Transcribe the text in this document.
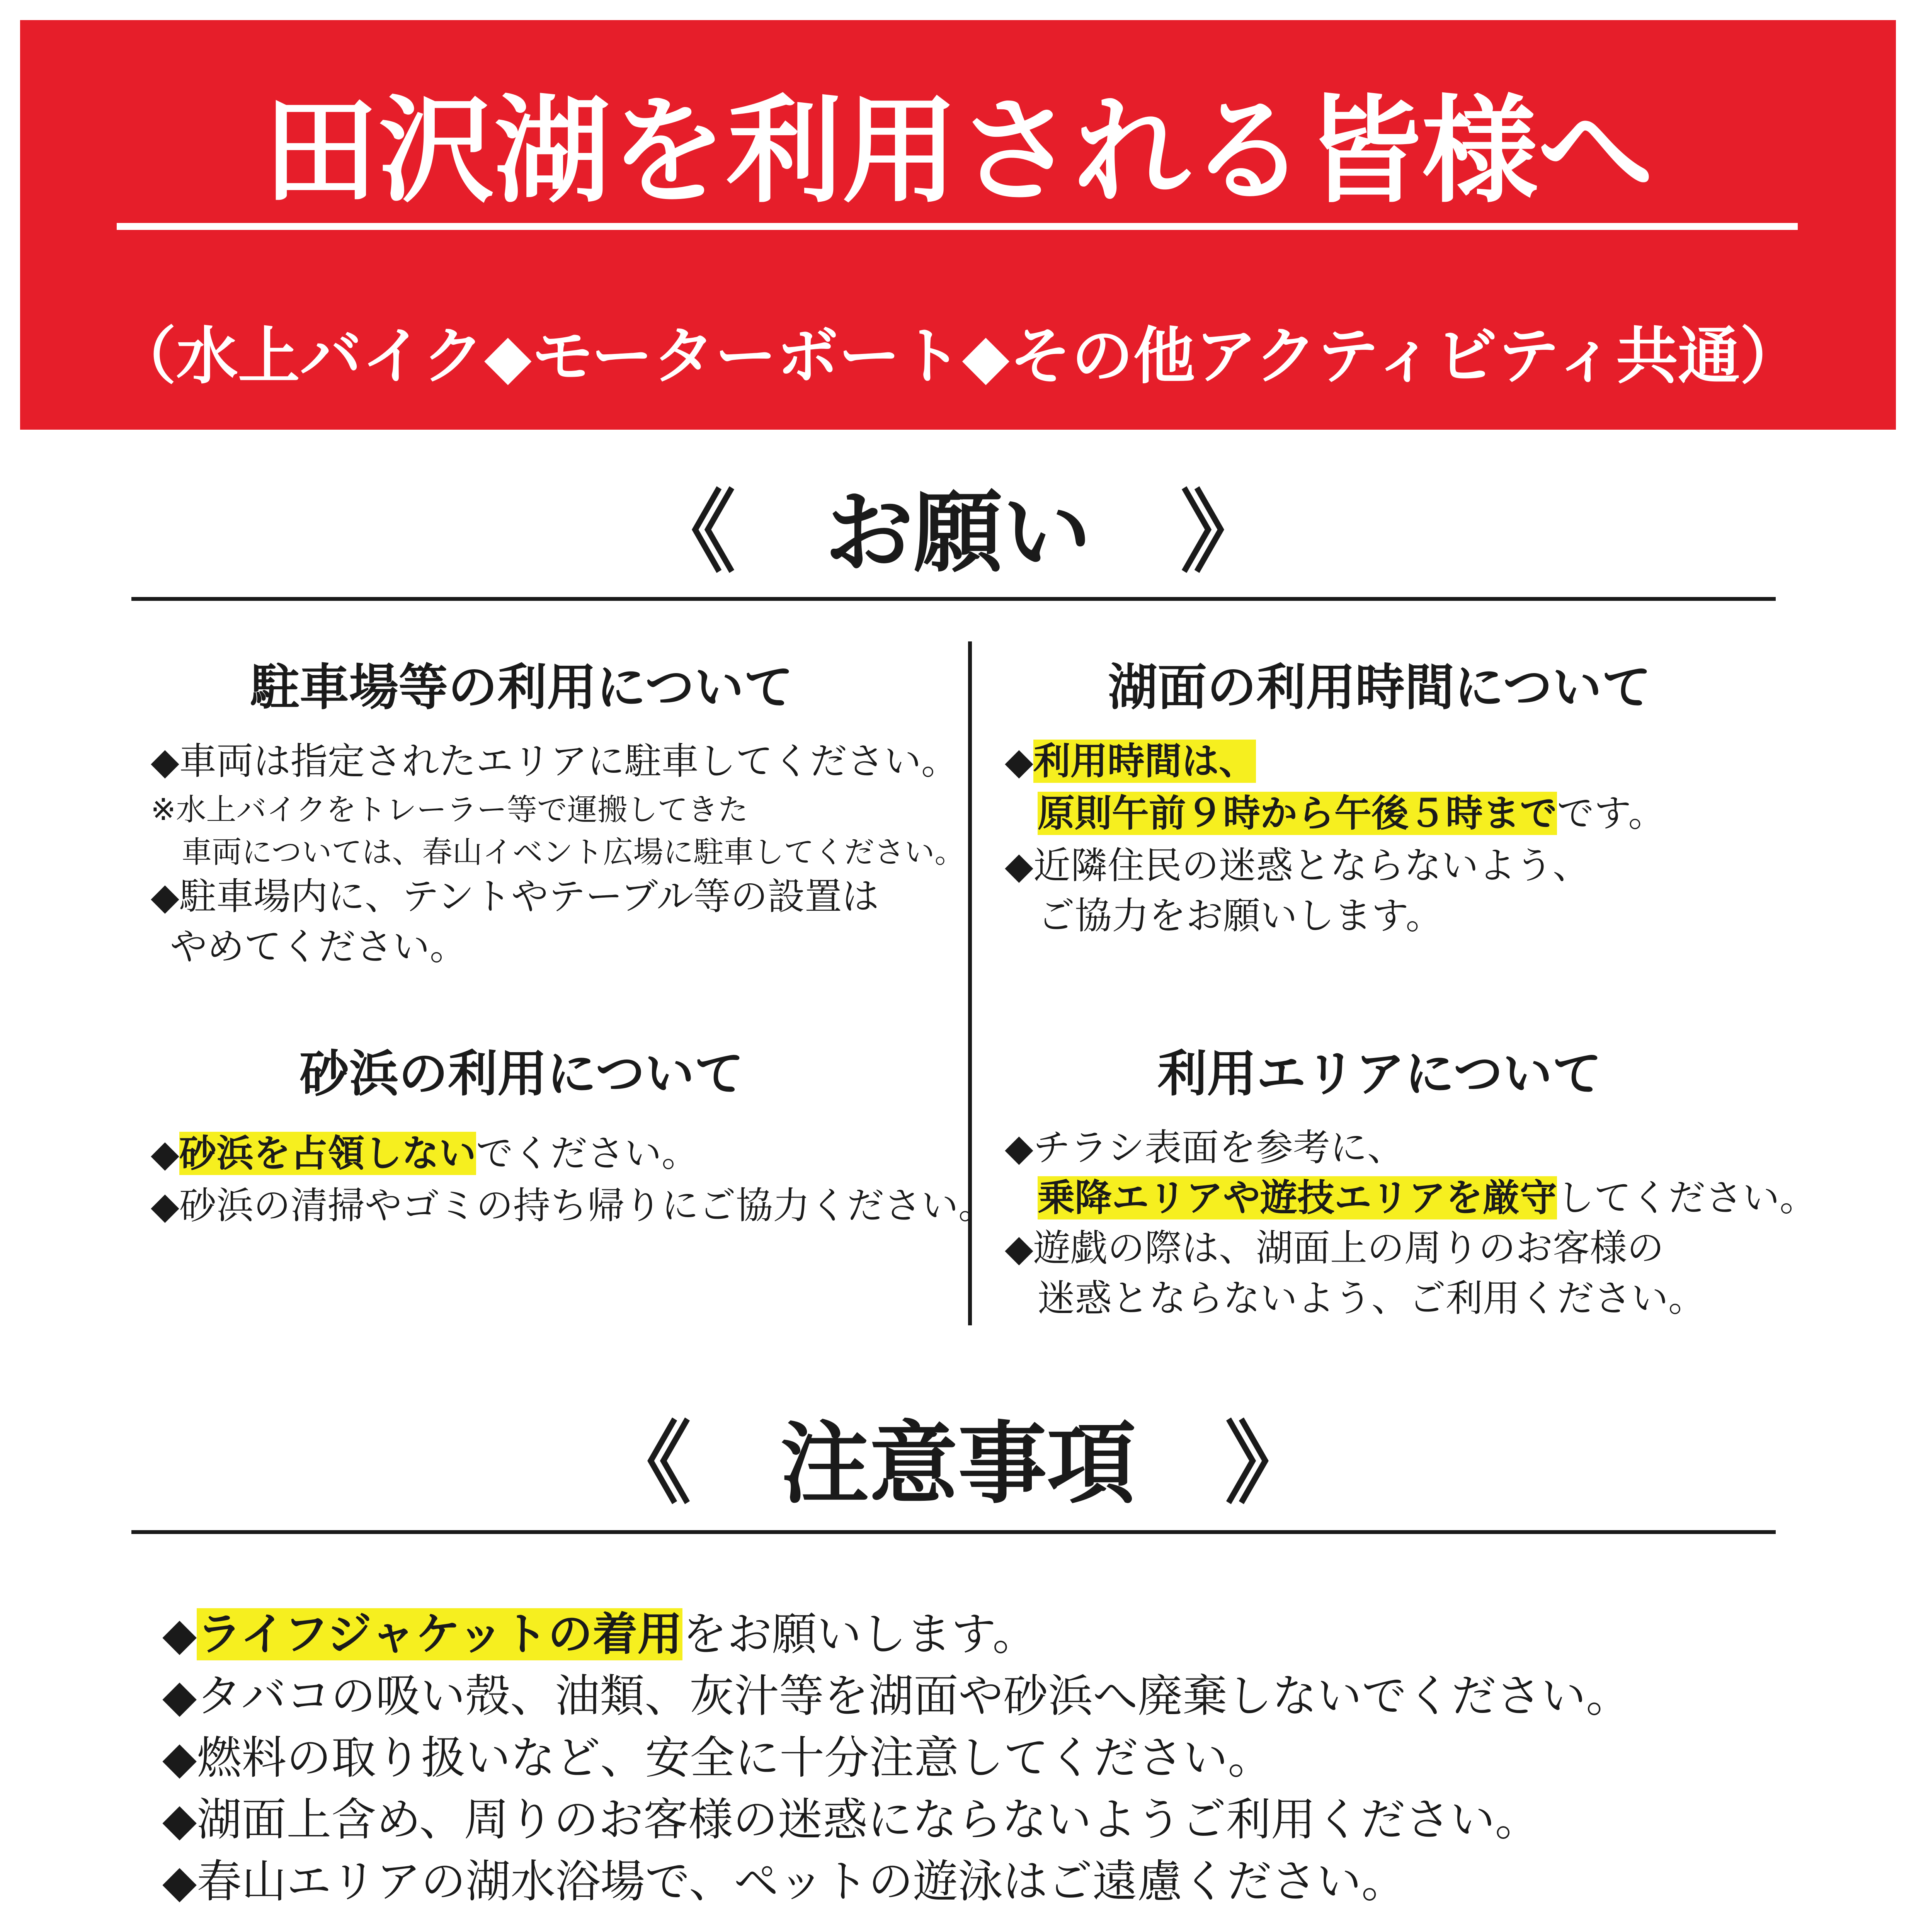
田沢湖を利用される皆様へ
（水上バイク◆モーターボート◆その他アクティビティ共通）
《　お願い　》
駐車場等の利用について
◆車両は指定されたエリアに駐車してください。
※水上バイクをトレーラー等で運搬してきた
車両については、春山イベント広場に駐車してください。
◆駐車場内に、テントやテーブル等の設置は
やめてください。
湖面の利用時間について
◆利用時間は、
原則午前９時から午後５時までです。
◆近隣住民の迷惑とならないよう、
ご協力をお願いします。
砂浜の利用について
◆砂浜を占領しないでください。
◆砂浜の清掃やゴミの持ち帰りにご協力ください。
利用エリアについて
◆チラシ表面を参考に、
乗降エリアや遊技エリアを厳守してください。
◆遊戯の際は、湖面上の周りのお客様の
迷惑とならないよう、ご利用ください。
《　注意事項　》
◆ライフジャケットの着用をお願いします。
◆タバコの吸い殻、油類、灰汁等を湖面や砂浜へ廃棄しないでください。
◆燃料の取り扱いなど、安全に十分注意してください。
◆湖面上含め、周りのお客様の迷惑にならないようご利用ください。
◆春山エリアの湖水浴場で、ペットの遊泳はご遠慮ください。
